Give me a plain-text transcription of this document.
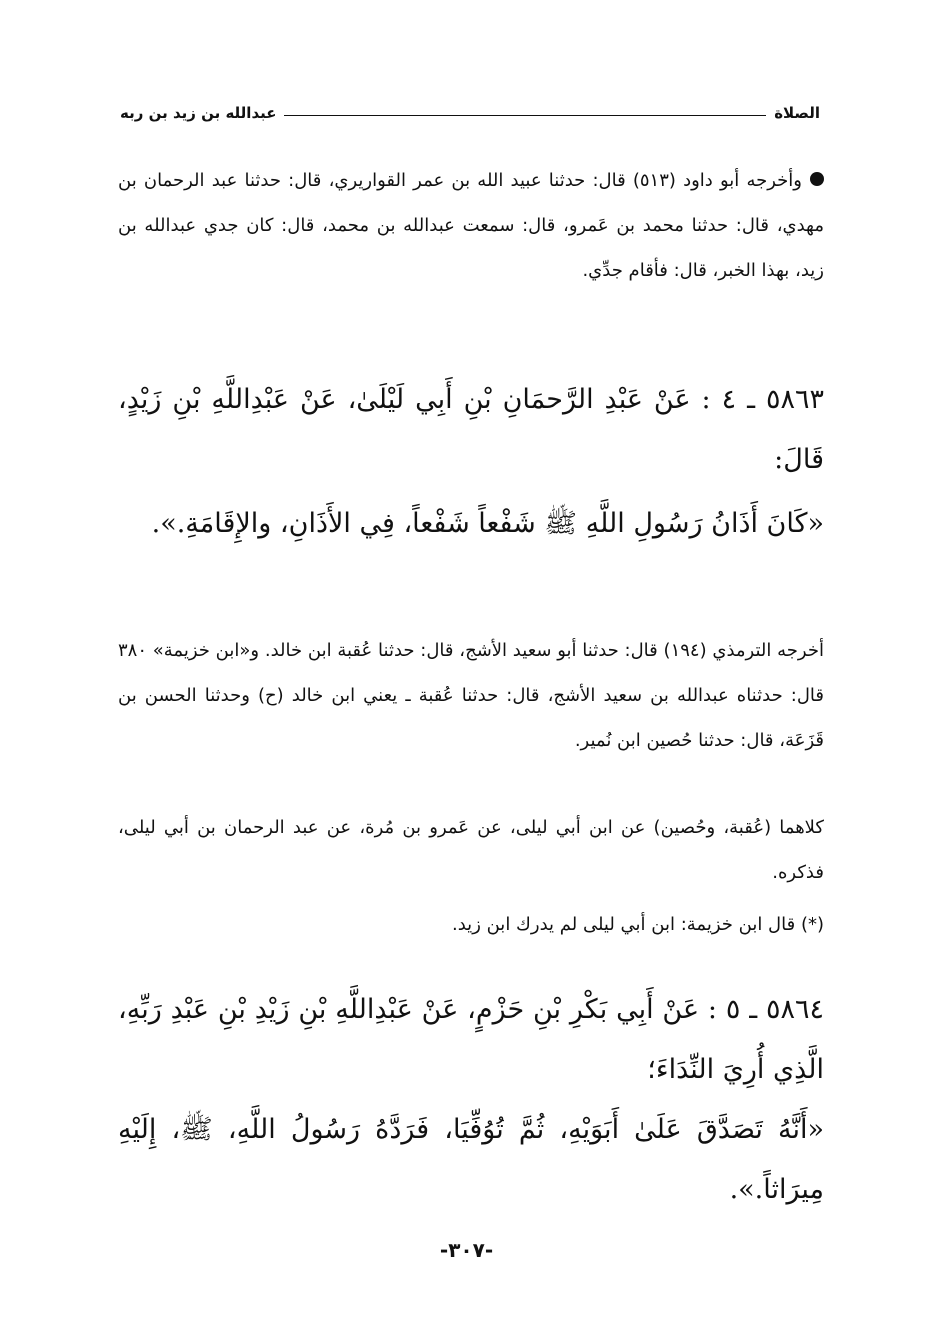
الصلاة
عبدالله بن زيد بن ربه
وأخرجه أبو داود (٥١٣) قال: حدثنا عبيد الله بن عمر القواريري، قال: حدثنا عبد الرحمان بن مهدي، قال: حدثنا محمد بن عَمرو، قال: سمعت عبدالله بن محمد، قال: كان جدي عبدالله بن زيد، بهذا الخبر، قال: فأقام جدِّي.
٥٨٦٣ ـ ٤ : عَنْ عَبْدِ الرَّحمَانِ بْنِ أَبِي لَيْلَىٰ، عَنْ عَبْدِاللَّهِ بْنِ زَيْدٍ، قَالَ:
«كَانَ أَذَانُ رَسُولِ اللَّهِ ﷺ شَفْعاً شَفْعاً، فِي الأَذَانِ، والإِقَامَةِ.».
أخرجه الترمذي (١٩٤) قال: حدثنا أبو سعيد الأشج، قال: حدثنا عُقبة ابن خالد. و«ابن خزيمة» ٣٨٠ قال: حدثناه عبدالله بن سعيد الأشج، قال: حدثنا عُقبة ـ يعني ابن خالد (ح) وحدثنا الحسن بن قَزَعَة، قال: حدثنا حُصين ابن نُمير.
كلاهما (عُقبة، وحُصين) عن ابن أبي ليلى، عن عَمرو بن مُرة، عن عبد الرحمان بن أبي ليلى، فذكره.
(*) قال ابن خزيمة: ابن أبي ليلى لم يدرك ابن زيد.
٥٨٦٤ ـ ٥ : عَنْ أَبِي بَكْرِ بْنِ حَزْمٍ، عَنْ عَبْدِاللَّهِ بْنِ زَيْدِ بْنِ عَبْدِ رَبِّهِ، الَّذِي أُرِيَ النِّدَاءَ؛
«أَنَّهُ تَصَدَّقَ عَلَىٰ أَبَوَيْهِ، ثُمَّ تُوُفِّيَا، فَرَدَّهُ رَسُولُ اللَّهِ، ﷺ، إِلَيْهِ مِيرَاثاً.».
-٣٠٧-
